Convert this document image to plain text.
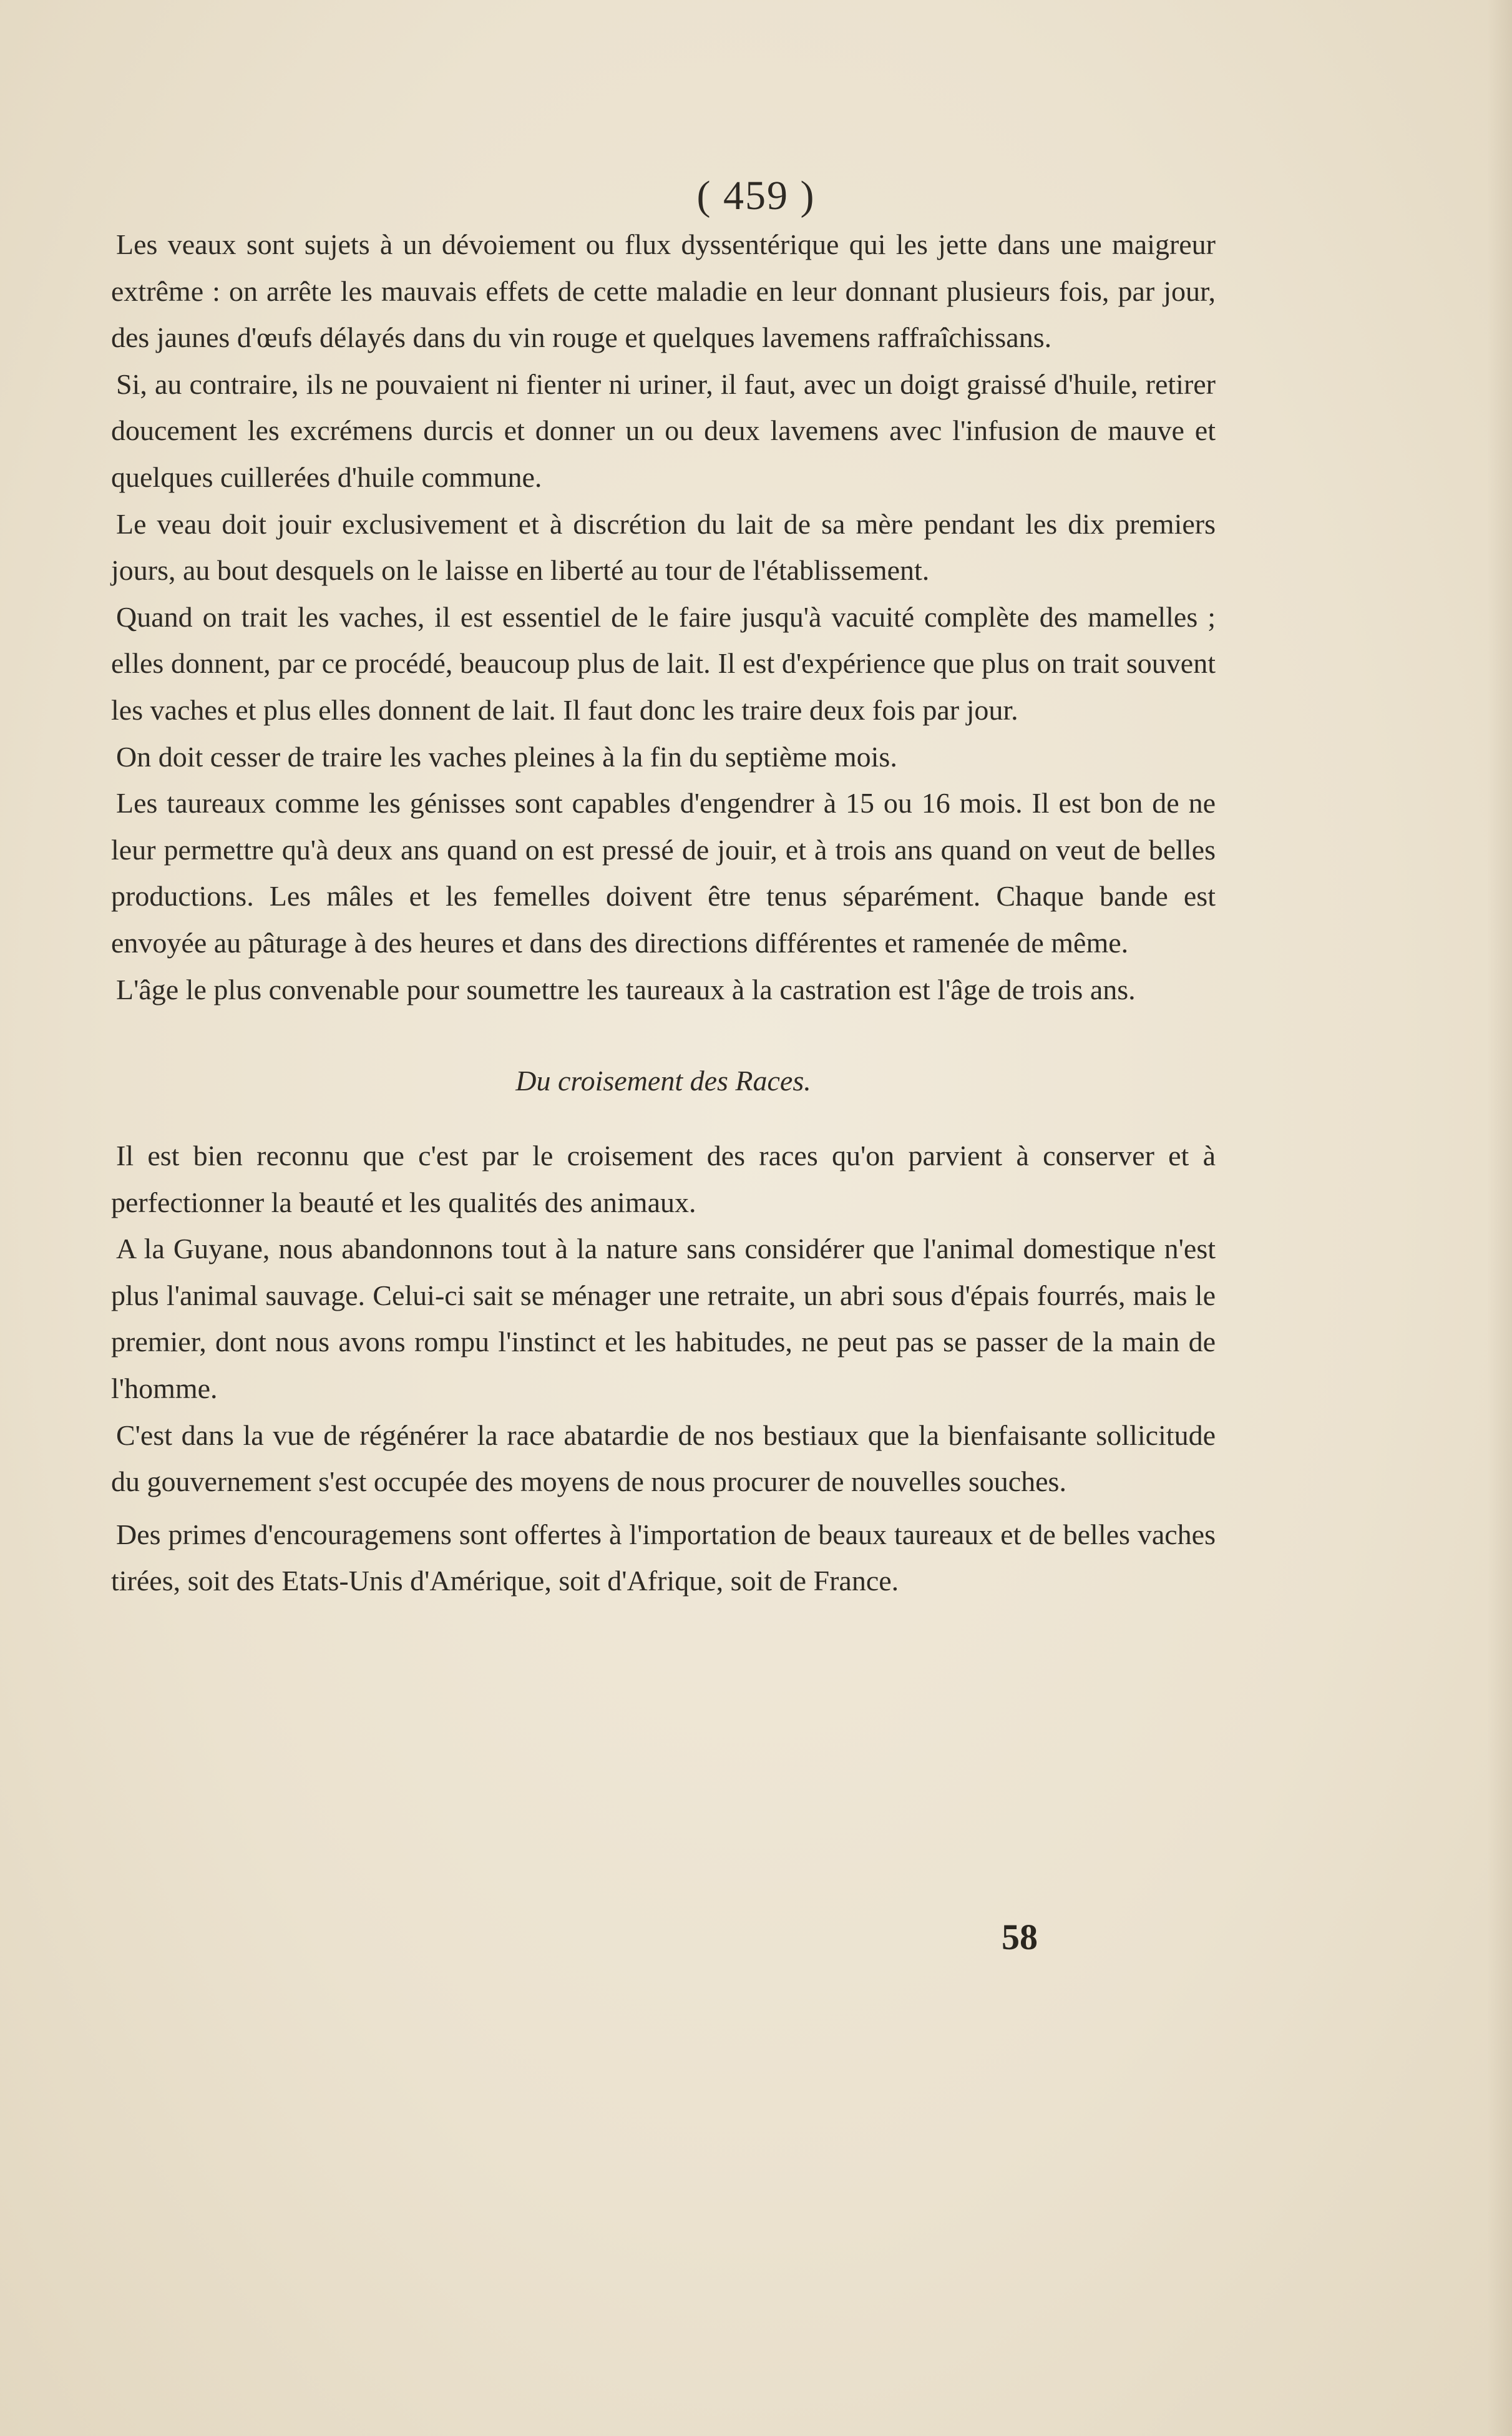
( 459 )

Les veaux sont sujets à un dévoiement ou flux dyssentérique qui les jette dans une maigreur extrême : on arrête les mauvais effets de cette maladie en leur donnant plusieurs fois, par jour, des jaunes d'œufs délayés dans du vin rouge et quelques lavemens raffraîchissans.

Si, au contraire, ils ne pouvaient ni fienter ni uriner, il faut, avec un doigt graissé d'huile, retirer doucement les excrémens durcis et donner un ou deux lavemens avec l'infusion de mauve et quelques cuillerées d'huile commune.

Le veau doit jouir exclusivement et à discrétion du lait de sa mère pendant les dix premiers jours, au bout desquels on le laisse en liberté au tour de l'établissement.

Quand on trait les vaches, il est essentiel de le faire jusqu'à vacuité complète des mamelles ; elles donnent, par ce procédé, beaucoup plus de lait. Il est d'expérience que plus on trait souvent les vaches et plus elles donnent de lait. Il faut donc les traire deux fois par jour.

On doit cesser de traire les vaches pleines à la fin du septième mois.

Les taureaux comme les génisses sont capables d'engendrer à 15 ou 16 mois. Il est bon de ne leur permettre qu'à deux ans quand on est pressé de jouir, et à trois ans quand on veut de belles productions. Les mâles et les femelles doivent être tenus séparément. Chaque bande est envoyée au pâturage à des heures et dans des directions différentes et ramenée de même.

L'âge le plus convenable pour soumettre les taureaux à la castration est l'âge de trois ans.

Du croisement des Races.

Il est bien reconnu que c'est par le croisement des races qu'on parvient à conserver et à perfectionner la beauté et les qualités des animaux.

A la Guyane, nous abandonnons tout à la nature sans considérer que l'animal domestique n'est plus l'animal sauvage. Celui-ci sait se ménager une retraite, un abri sous d'épais fourrés, mais le premier, dont nous avons rompu l'instinct et les habitudes, ne peut pas se passer de la main de l'homme.

C'est dans la vue de régénérer la race abatardie de nos bestiaux que la bienfaisante sollicitude du gouvernement s'est occupée des moyens de nous procurer de nouvelles souches.

Des primes d'encouragemens sont offertes à l'importation de beaux taureaux et de belles vaches tirées, soit des Etats-Unis d'Amérique, soit d'Afrique, soit de France.

58
